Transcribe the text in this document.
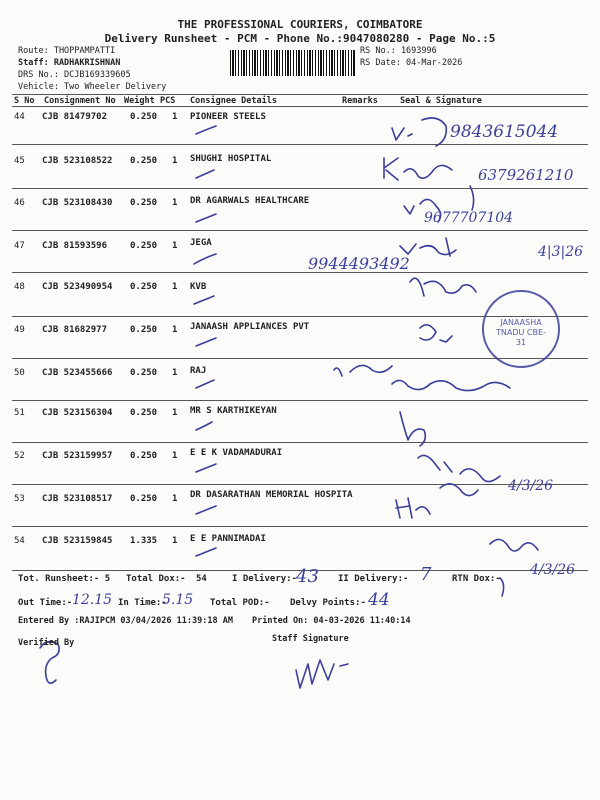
THE PROFESSIONAL COURIERS, COIMBATORE
Delivery Runsheet - PCM - Phone No.:9047080280 - Page No.:5
Route: THOPPAMPATTI
Staff: RADHAKRISHNAN
DRS No.: DCJB169339605
Vehicle: Two Wheeler Delivery
RS No.: 1693996
RS Date: 04-Mar-2026
S No Consignment No Weight PCS Consignee Details	Remarks	Seal & Signature
44 CJB 81479702	0.250 1 PIONEER STEELS
45 CJB 523108522 0.250 1 SHUGHI HOSPITAL
46 CJB 523108430 0.250 1 DR AGARWALS HEALTHCARE
47 CJB 81593596	0.250 1 JEGA
48 CJB 523490954 0.250 1 KVB
49 CJB 81682977	0.250 1 JANAASH APPLIANCES PVT
50 CJB 523455666 0.250 1 RAJ
51 CJB 523156304 0.250 1 MR S KARTHIKEYAN
52 CJB 523159957 0.250 1 E E K VADAMADURAI
53 CJB 523108517 0.250 1 DR DASARATHAN MEMORIAL HOSPITA
54 CJB 523159845 1.335 1 E E PANNIMADAI
9843615044
6379261210
9677707104
9944493492
4|3|26
4/3/26
4/3/26
JANAASHA TNADU CBE-31
Tot. Runsheet:- 5 Total Dox:- 54	I Delivery:-
43 II Delivery:- 7 RTN Dox:-
Out Time:- 12.15 In Time:-
5.15 Total POD:- Delvy Points:- 44
Entered By :RAJIPCM 03/04/2026 11:39:18 AM Printed On: 04-03-2026 11:40:14
Verified By	Staff Signature
